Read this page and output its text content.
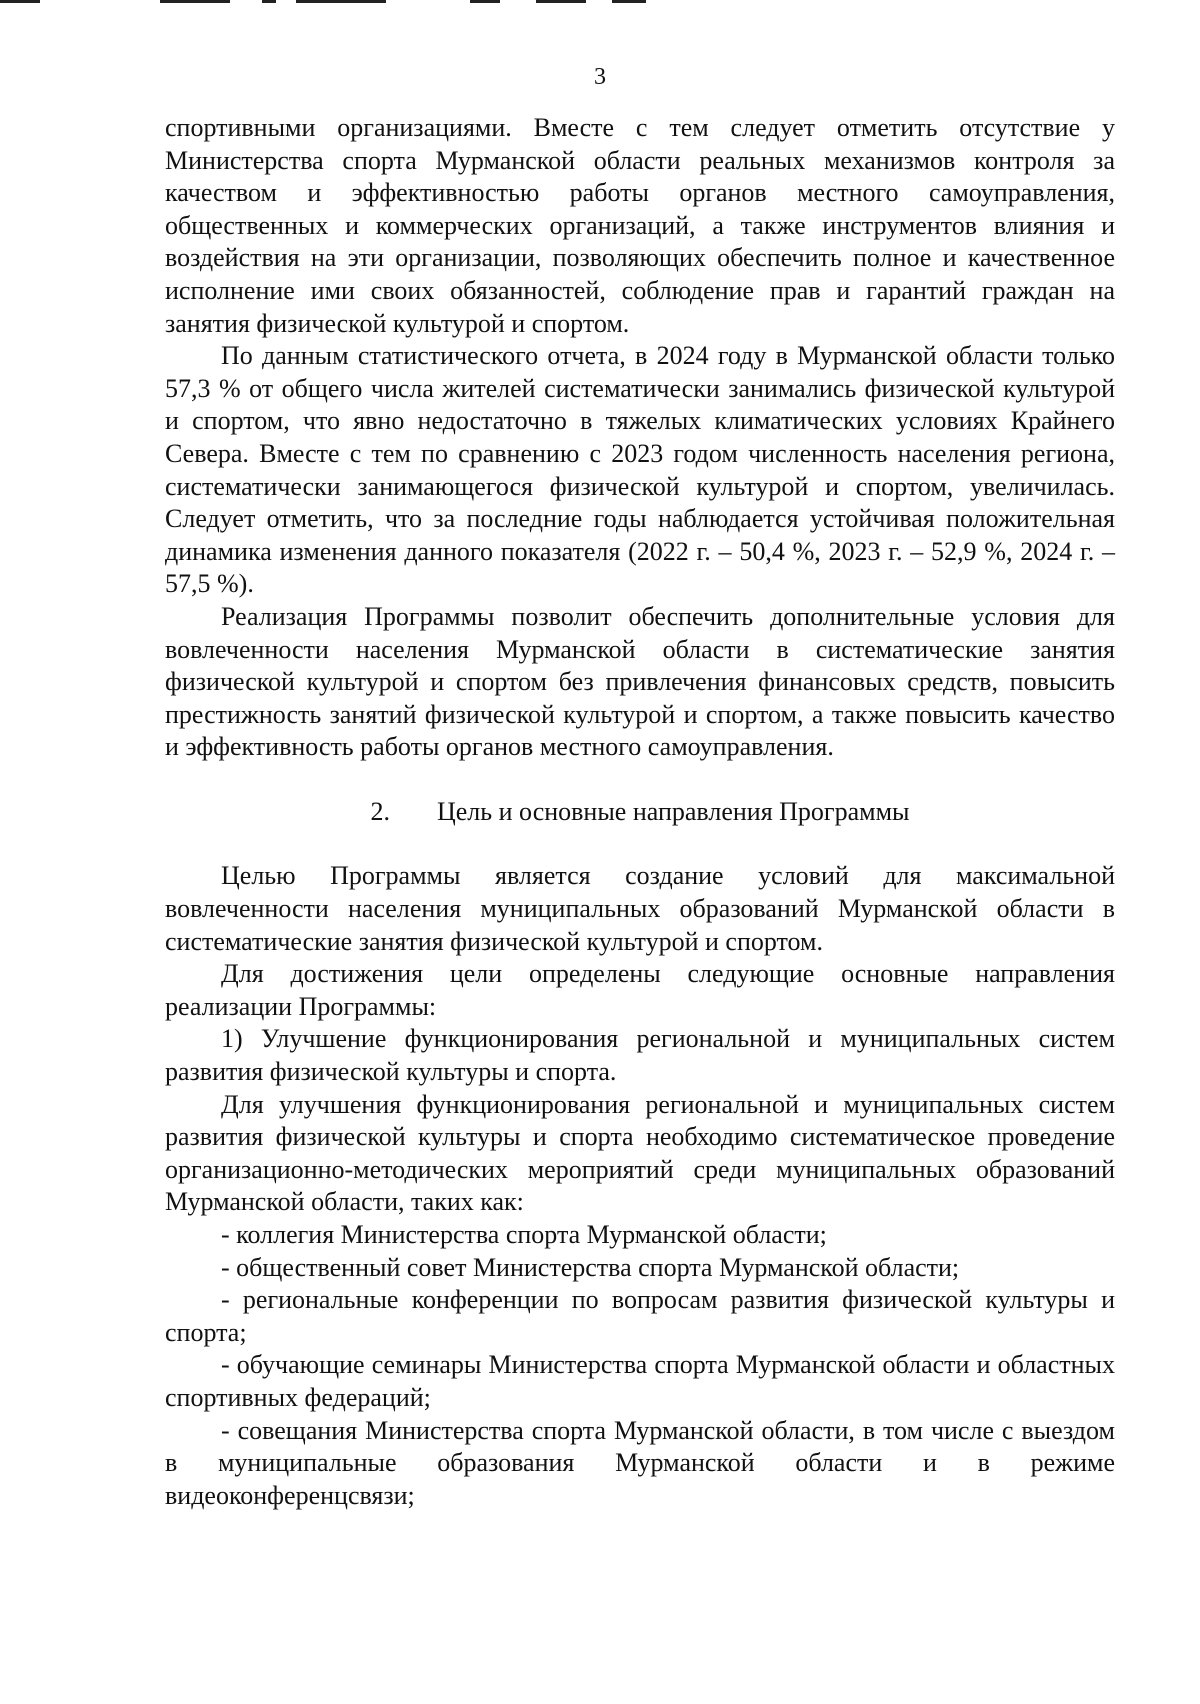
3

спортивными организациями. Вместе с тем следует отметить отсутствие у Министерства спорта Мурманской области реальных механизмов контроля за качеством и эффективностью работы органов местного самоуправления, общественных и коммерческих организаций, а также инструментов влияния и воздействия на эти организации, позволяющих обеспечить полное и качественное исполнение ими своих обязанностей, соблюдение прав и гарантий граждан на занятия физической культурой и спортом.

По данным статистического отчета, в 2024 году в Мурманской области только 57,3 % от общего числа жителей систематически занимались физической культурой и спортом, что явно недостаточно в тяжелых климатических условиях Крайнего Севера. Вместе с тем по сравнению с 2023 годом численность населения региона, систематически занимающегося физической культурой и спортом, увеличилась. Следует отметить, что за последние годы наблюдается устойчивая положительная динамика изменения данного показателя (2022 г. – 50,4 %, 2023 г. – 52,9 %, 2024 г. – 57,5 %).

Реализация Программы позволит обеспечить дополнительные условия для вовлеченности населения Мурманской области в систематические занятия физической культурой и спортом без привлечения финансовых средств, повысить престижность занятий физической культурой и спортом, а также повысить качество и эффективность работы органов местного самоуправления.

2. Цель и основные направления Программы

Целью Программы является создание условий для максимальной вовлеченности населения муниципальных образований Мурманской области в систематические занятия физической культурой и спортом.

Для достижения цели определены следующие основные направления реализации Программы:

1) Улучшение функционирования региональной и муниципальных систем развития физической культуры и спорта.

Для улучшения функционирования региональной и муниципальных систем развития физической культуры и спорта необходимо систематическое проведение организационно-методических мероприятий среди муниципальных образований Мурманской области, таких как:

- коллегия Министерства спорта Мурманской области;

- общественный совет Министерства спорта Мурманской области;

- региональные конференции по вопросам развития физической культуры и спорта;

- обучающие семинары Министерства спорта Мурманской области и областных спортивных федераций;

- совещания Министерства спорта Мурманской области, в том числе с выездом в муниципальные образования Мурманской области и в режиме видеоконференцсвязи;
